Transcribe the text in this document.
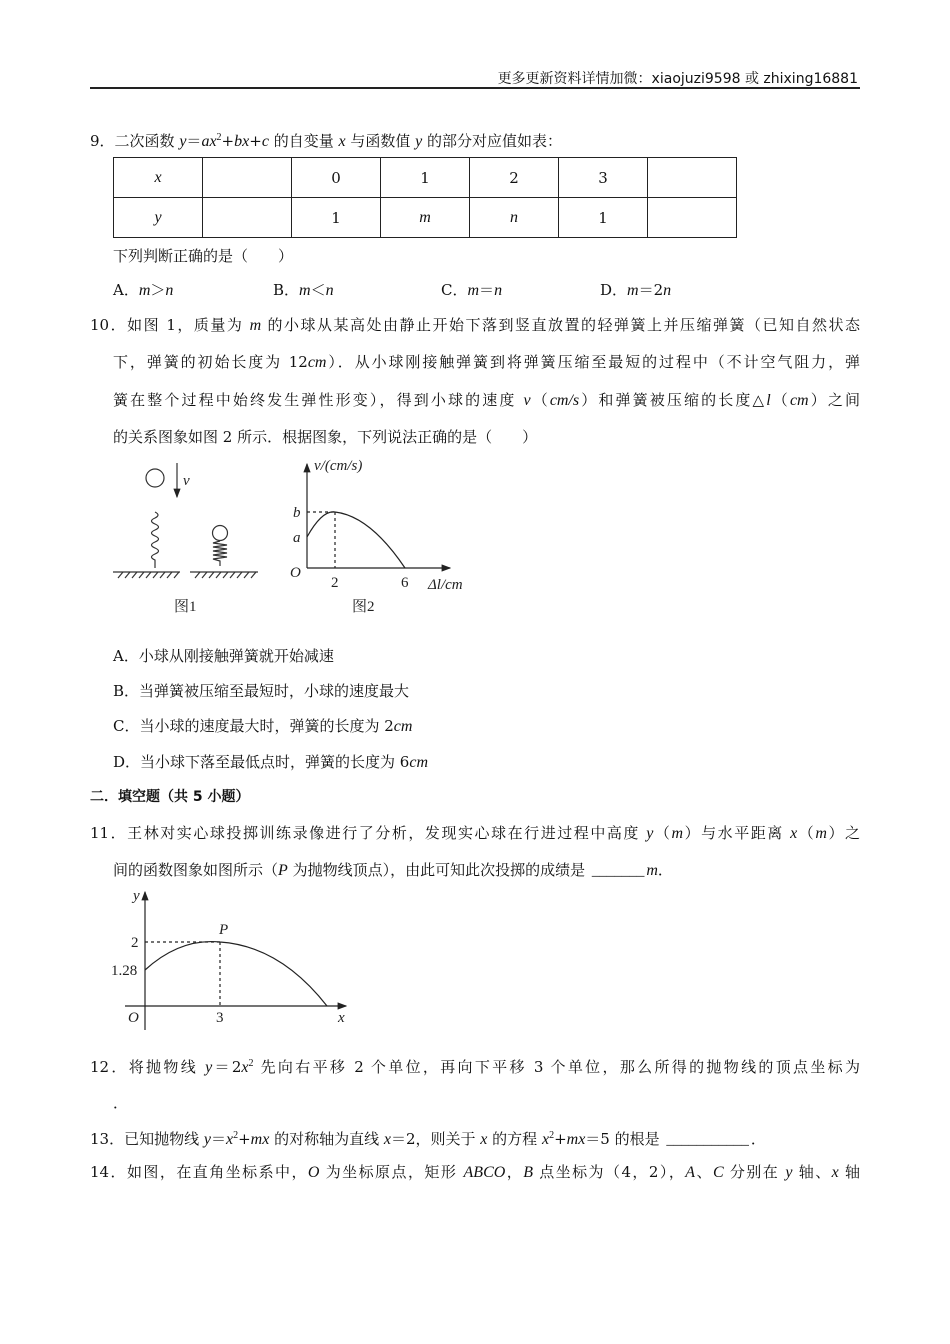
更多更新资料详情加微：xiaojuzi9598 或 zhixing16881
9．二次函数 $y=ax^2+bx+c$ 的自变量 x 与函数值 y 的部分对应值如表：
x		0	1	2	3	
y		1	m	n	1	
下列判断正确的是（　　）
A．m＞n	B．m＜n	C．m＝n	D．m＝2n
10．如图 1，质量为 m 的小球从某高处由静止开始下落到竖直放置的轻弹簧上并压缩弹簧（已知自然状态
下，弹簧的初始长度为 12cm）．从小球刚接触弹簧到将弹簧压缩至最短的过程中（不计空气阻力，弹
簧在整个过程中始终发生弹性形变），得到小球的速度 v（cm/s）和弹簧被压缩的长度△l（cm）之间
的关系图象如图 2 所示．根据图象，下列说法正确的是（　　）
v
图1
v/(cm/s)
Δl/cm
O
b
a
2	6
图2
y
x
O
2
1.28
3
P
A．小球从刚接触弹簧就开始减速
B．当弹簧被压缩至最短时，小球的速度最大
C．当小球的速度最大时，弹簧的长度为 2cm
D．当小球下落至最低点时，弹簧的长度为 6cm
二．填空题（共 5 小题）
11．王林对实心球投掷训练录像进行了分析，发现实心球在行进过程中高度 y（m）与水平距离 x（m）之
间的函数图象如图所示（P 为抛物线顶点），由此可知此次投掷的成绩是 _______ m．
12．将抛物线 $y=2x^2$ 先向右平移 2 个单位，再向下平移 3 个单位，那么所得的抛物线的顶点坐标为
．
13．已知抛物线 $y=x^2+mx$ 的对称轴为直线 x＝2，则关于 x 的方程 $x^2+mx=5$ 的根是 ___________ ．
14．如图，在直角坐标系中，O 为坐标原点，矩形 ABCO，B 点坐标为（4，2），A、C 分别在 y 轴、x 轴
